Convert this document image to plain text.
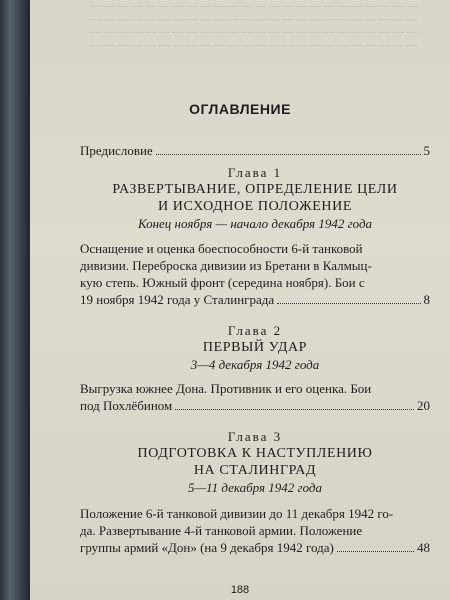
— — — — — — — — — — — — — — — — — — — — — — — —
— — — — — — — — — — — — — — — — — — — — — — — —
— — — — — — — — — — — — — — — — — — — — — — — —
— — — — — — — — — — — — — — — — — — — — — — — —
ОГЛАВЛЕНИЕ
Предисловие	5
Глава 1
РАЗВЕРТЫВАНИЕ, ОПРЕДЕЛЕНИЕ ЦЕЛИ
И ИСХОДНОЕ ПОЛОЖЕНИЕ
Конец ноября — начало декабря 1942 года
Оснащение и оценка боеспособности 6-й танковой
дивизии. Переброска дивизии из Бретани в Калмыц-
кую степь. Южный фронт (середина ноября). Бои с
19 ноября 1942 года у Сталинграда	8
Глава 2
ПЕРВЫЙ УДАР
3—4 декабря 1942 года
Выгрузка южнее Дона. Противник и его оценка. Бои
под Похлёбином	20
Глава 3
ПОДГОТОВКА К НАСТУПЛЕНИЮ
НА СТАЛИНГРАД
5—11 декабря 1942 года
Положение 6-й танковой дивизии до 11 декабря 1942 го-
да. Развертывание 4-й танковой армии. Положение
группы армий «Дон» (на 9 декабря 1942 года)	48
188
